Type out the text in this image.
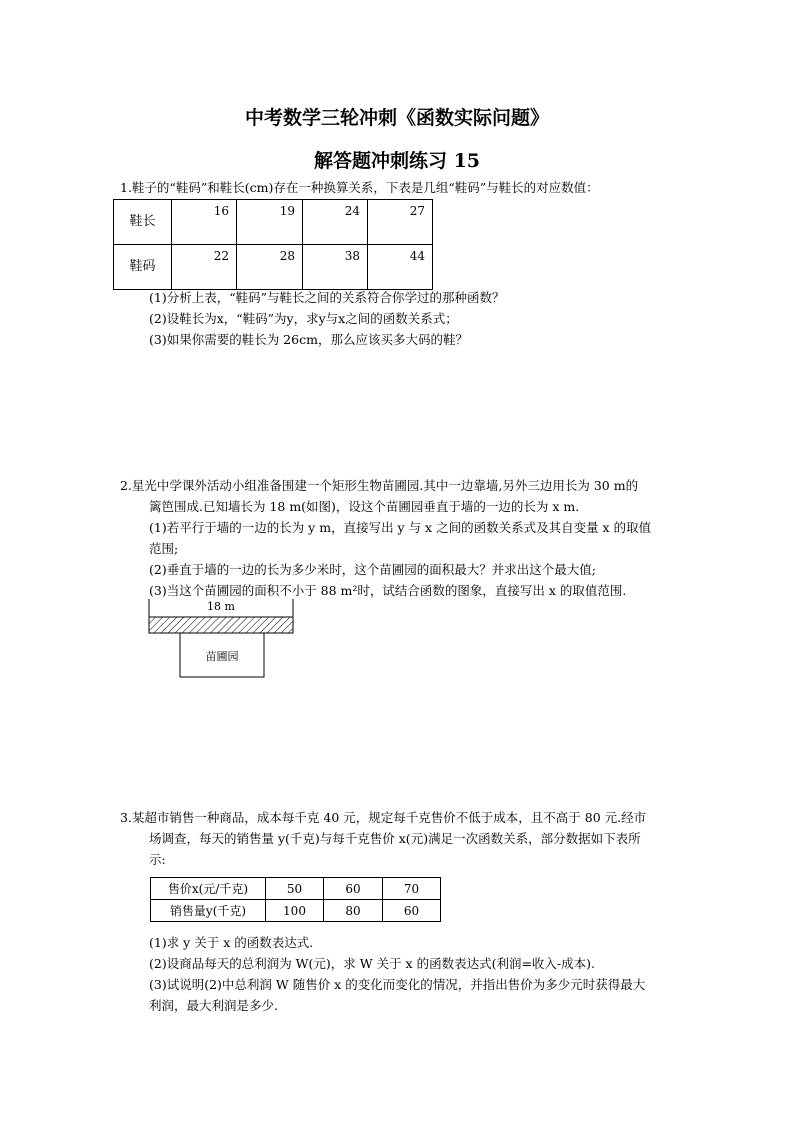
中考数学三轮冲刺《函数实际问题》
解答题冲刺练习 15
1.鞋子的“鞋码”和鞋长(cm)存在一种换算关系，下表是几组“鞋码”与鞋长的对应数值：
鞋长	16	19	24	27
鞋码	22	28	38	44
(1)分析上表，“鞋码”与鞋长之间的关系符合你学过的那种函数？
(2)设鞋长为x，“鞋码”为y，求y与x之间的函数关系式；
(3)如果你需要的鞋长为 26cm，那么应该买多大码的鞋？
2.星光中学课外活动小组准备围建一个矩形生物苗圃园.其中一边靠墙,另外三边用长为 30 m的
篱笆围成.已知墙长为 18 m(如图)，设这个苗圃园垂直于墙的一边的长为 x m.
(1)若平行于墙的一边的长为 y m，直接写出 y 与 x 之间的函数关系式及其自变量 x 的取值
范围;
(2)垂直于墙的一边的长为多少米时，这个苗圃园的面积最大？并求出这个最大值;
(3)当这个苗圃园的面积不小于 88 m²时，试结合函数的图象，直接写出 x 的取值范围.
18 m
苗圃园
3.某超市销售一种商品，成本每千克 40 元，规定每千克售价不低于成本，且不高于 80 元.经市
场调查，每天的销售量 y(千克)与每千克售价 x(元)满足一次函数关系，部分数据如下表所
示:
售价x(元/千克)	50	60	70
销售量y(千克)	100	80	60
(1)求 y 关于 x 的函数表达式.
(2)设商品每天的总利润为 W(元)，求 W 关于 x 的函数表达式(利润=收入-成本).
(3)试说明(2)中总利润 W 随售价 x 的变化而变化的情况，并指出售价为多少元时获得最大
利润，最大利润是多少.
